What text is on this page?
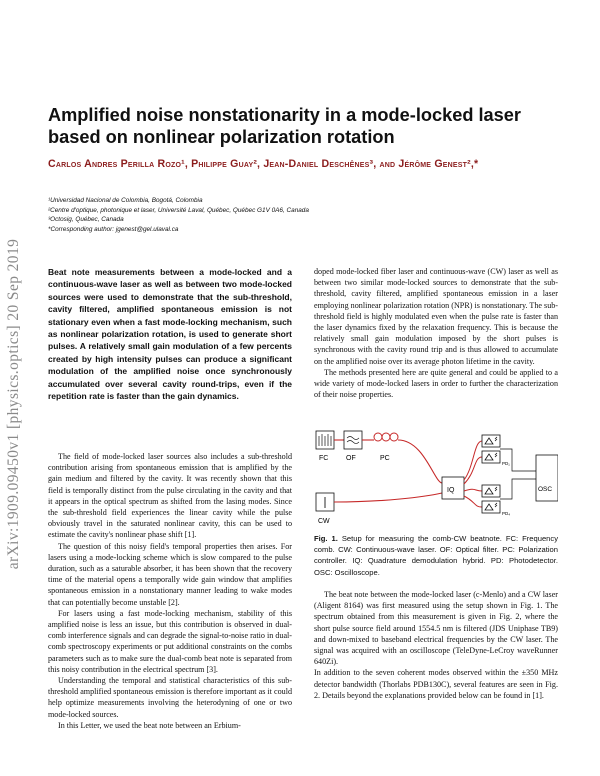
arXiv:1909.09450v1 [physics.optics] 20 Sep 2019
Amplified noise nonstationarity in a mode-locked laser based on nonlinear polarization rotation
Carlos Andres Perilla Rozo¹, Philippe Guay², Jean-Daniel Deschênes³, and Jérôme Genest²,*
¹Universidad Nacional de Colombia, Bogotá, Colombia
²Centre d'optique, photonique et laser, Université Laval, Québec, Québec G1V 0A6, Canada
³Octosig, Québec, Canada
*Corresponding author: jgenest@gel.ulaval.ca
Beat note measurements between a mode-locked and a continuous-wave laser as well as between two mode-locked sources were used to demonstrate that the sub-threshold, cavity filtered, amplified spontaneous emission is not stationary even when a fast mode-locking mechanism, such as nonlinear polarization rotation, is used to generate short pulses. A relatively small gain modulation of a few percents created by high intensity pulses can produce a significant modulation of the amplified noise once synchronously accumulated over several cavity round-trips, even if the repetition rate is faster than the gain dynamics.

The field of mode-locked laser sources also includes a sub-threshold contribution arising from spontaneous emission that is amplified by the gain medium and filtered by the cavity. It was recently shown that this field is temporally distinct from the pulse circulating in the cavity and that it appears in the optical spectrum as shifted from the lasing modes. Since the sub-threshold field experiences the linear cavity while the pulse obviously travel in the saturated nonlinear cavity, this can be used to estimate the cavity's nonlinear phase shift [1].

The question of this noisy field's temporal properties then arises. For lasers using a mode-locking scheme which is slow compared to the pulse duration, such as a saturable absorber, it has been shown that the recovery time of the material opens a temporally wide gain window that amplifies spontaneous emission in a nonstationary manner leading to wake modes that can potentially become unstable [2].

For lasers using a fast mode-locking mechanism, stability of this amplified noise is less an issue, but this contribution is observed in dual-comb interference signals and can degrade the signal-to-noise ratio in dual-comb spectroscopy experiments or put additional constraints on the combs parameters such as to make sure the dual-comb beat note is separated from this noisy contribution in the electrical spectrum [3].

Understanding the temporal and statistical characteristics of this sub-threshold amplified spontaneous emission is therefore important as it could help optimize measurements involving the heterodyning of one or two mode-locked sources.

In this Letter, we used the beat note between an Erbium-

doped mode-locked fiber laser and continuous-wave (CW) laser as well as between two similar mode-locked sources to demonstrate that the sub-threshold, cavity filtered, amplified spontaneous emission in a laser employing nonlinear polarization rotation (NPR) is nonstationary. The sub-threshold field is highly modulated even when the pulse rate is faster than the laser dynamics fixed by the relaxation frequency. This is because the relatively small gain modulation imposed by the short pulses is synchronous with the cavity round trip and is thus allowed to accumulate on the amplified noise over its average photon lifetime in the cavity.

The methods presented here are quite general and could be applied to a wide variety of mode-locked lasers in order to further the characterization of their noise properties.

FC	OF	PC
CW
IQ
PD₁
PD₄
OSC
Fig. 1. Setup for measuring the comb-CW beatnote. FC: Frequency comb. CW: Continuous-wave laser. OF: Optical filter. PC: Polarization controller. IQ: Quadrature demodulation hybrid. PD: Photodetector. OSC: Oscilloscope.

The beat note between the mode-locked laser (c-Menlo) and a CW laser (Aligent 8164) was first measured using the setup shown in Fig. 1. The spectrum obtained from this measurement is given in Fig. 2, where the short pulse source field around 1554.5 nm is filtered (JDS Uniphase TB9) and down-mixed to baseband electrical frequencies by the CW laser. The signal was acquired with an oscilloscope (TeleDyne-LeCroy waveRunner 640Zi).

In addition to the seven coherent modes observed within the ±350 MHz detector bandwidth (Thorlabs PDB130C), several features are seen in Fig. 2. Details beyond the explanations provided below can be found in [1].
